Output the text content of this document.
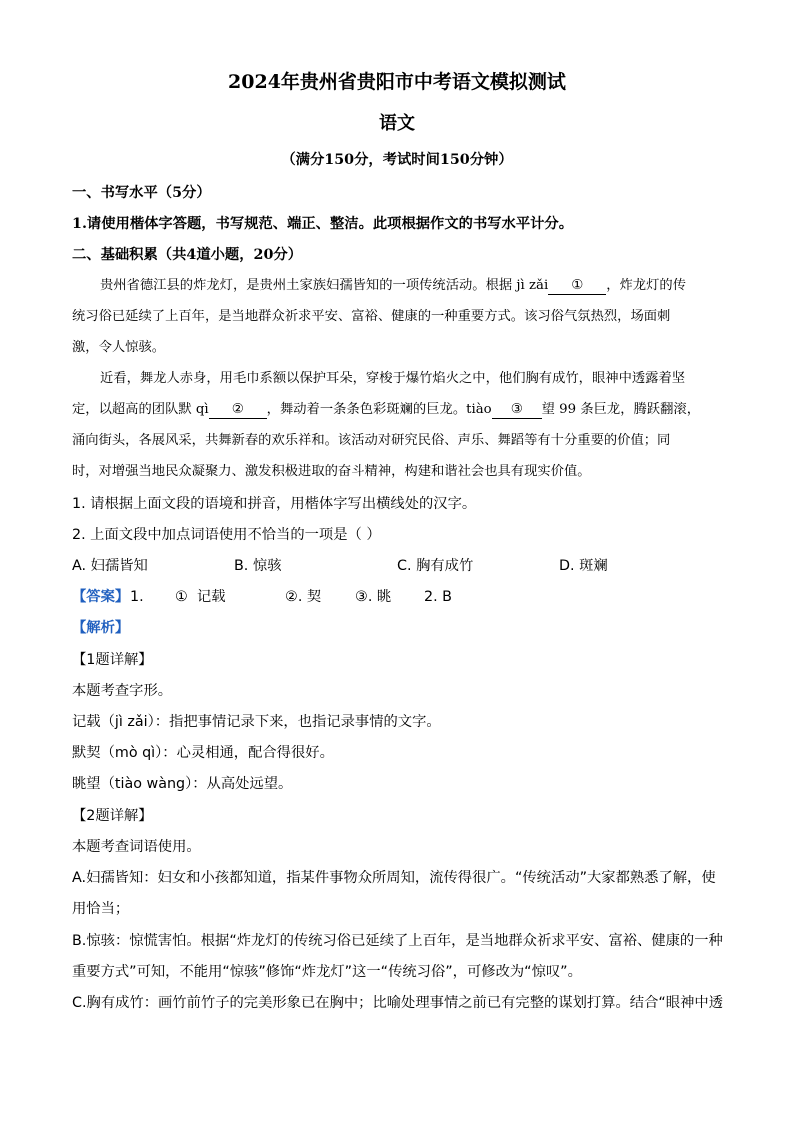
2024年贵州省贵阳市中考语文模拟测试
语文
（满分150分，考试时间150分钟）
一、书写水平（5分）
1.请使用楷体字答题，书写规范、端正、整洁。此项根据作文的书写水平计分。
二、基础积累（共4道小题，20分）
贵州省德江县的炸龙灯，是贵州土家族妇孺皆知的一项传统活动。根据 jì zǎi ① ，炸龙灯的传
统习俗已延续了上百年，是当地群众祈求平安、富裕、健康的一种重要方式。该习俗气氛热烈，场面刺
激，令人惊骇。
近看，舞龙人赤身，用毛巾系额以保护耳朵，穿梭于爆竹焰火之中，他们胸有成竹，眼神中透露着坚
定，以超高的团队默 qì ② ，舞动着一条条色彩斑斓的巨龙。tiào ③ 望 99 条巨龙，腾跃翻滚，
涌向街头，各展风采，共舞新春的欢乐祥和。该活动对研究民俗、声乐、舞蹈等有十分重要的价值；同
时，对增强当地民众凝聚力、激发积极进取的奋斗精神，构建和谐社会也具有现实价值。
1. 请根据上面文段的语境和拼音，用楷体字写出横线处的汉字。
2. 上面文段中加点词语使用不恰当的一项是（ ）
A. 妇孺皆知	B. 惊骇	C. 胸有成竹	D. 斑斓
【答案】 1. ① 记载	②. 契 ③. 眺 2. B
【解析】
【1题详解】
本题考查字形。
记载（jì zǎi）：指把事情记录下来，也指记录事情的文字。
默契（mò qì）：心灵相通，配合得很好。
眺望（tiào wàng）：从高处远望。
【2题详解】
本题考查词语使用。
A.妇孺皆知：妇女和小孩都知道，指某件事物众所周知，流传得很广。“传统活动”大家都熟悉了解，使
用恰当；
B.惊骇：惊慌害怕。根据“炸龙灯的传统习俗已延续了上百年，是当地群众祈求平安、富裕、健康的一种
重要方式”可知，不能用“惊骇”修饰“炸龙灯”这一“传统习俗”，可修改为“惊叹”。
C.胸有成竹：画竹前竹子的完美形象已在胸中；比喻处理事情之前已有完整的谋划打算。结合“眼神中透
